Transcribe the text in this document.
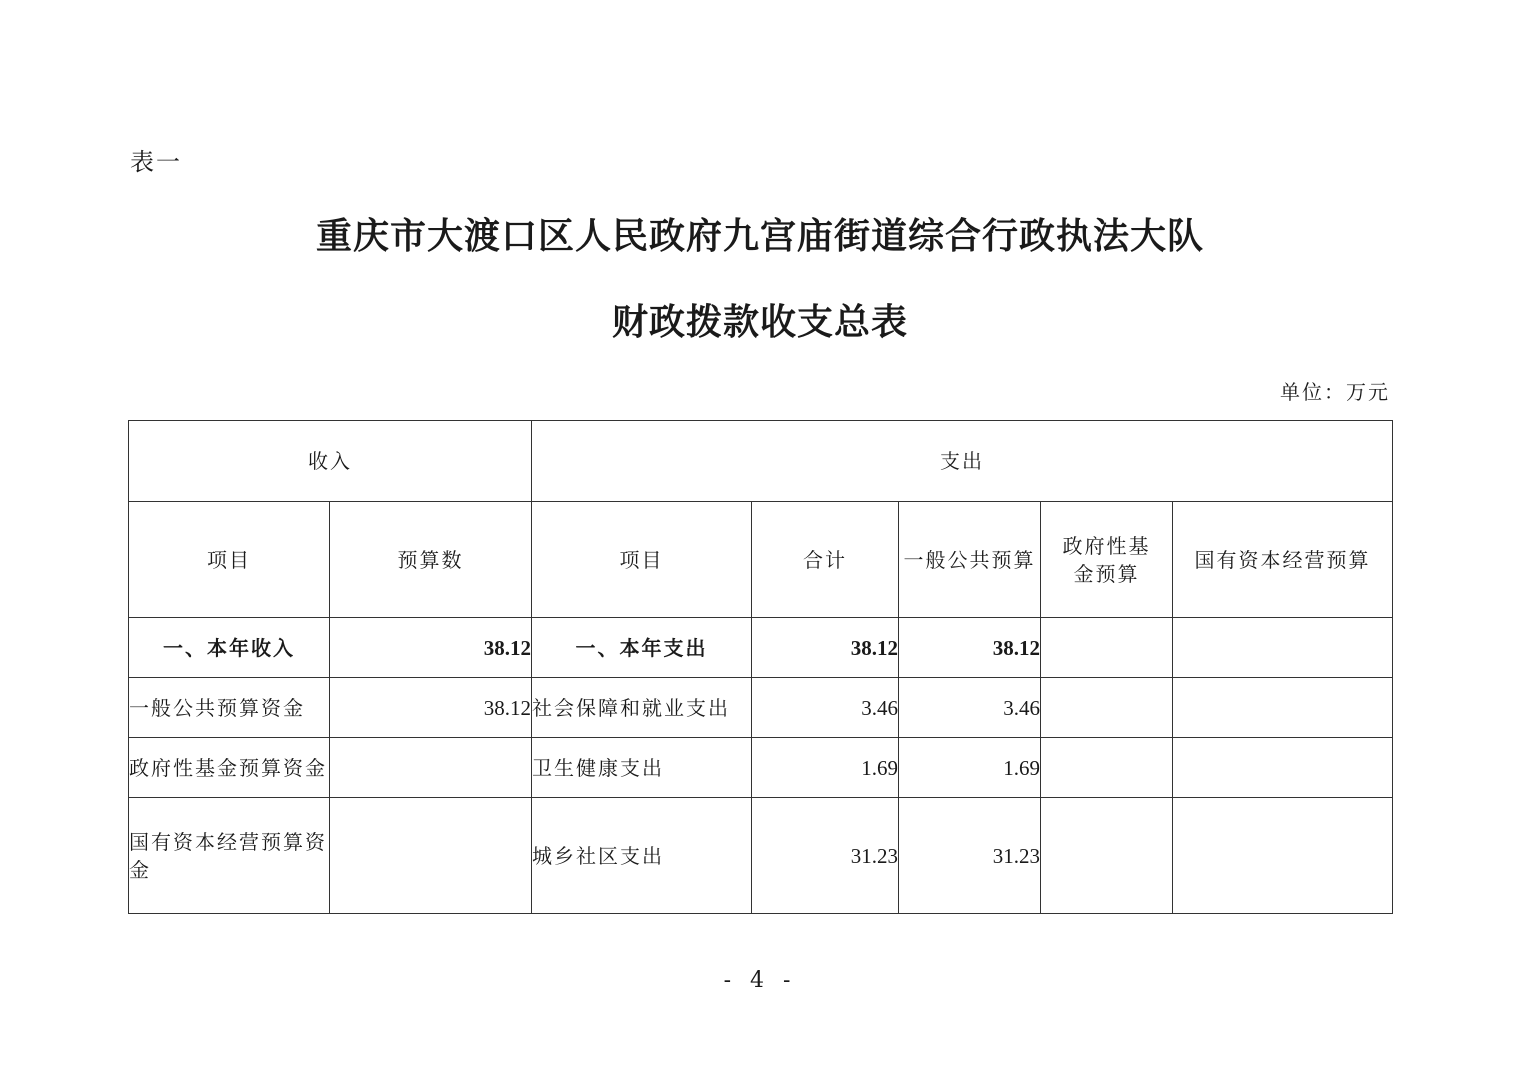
表一
重庆市大渡口区人民政府九宫庙街道综合行政执法大队
财政拨款收支总表
单位：万元
收入		支出				
项目	预算数	项目	合计	一般公共预算	政府性基金预算	国有资本经营预算
一、本年收入	38.12	一、本年支出	38.12	38.12		
一般公共预算资金	38.12	社会保障和就业支出	3.46	3.46		
政府性基金预算资金		卫生健康支出	1.69	1.69		
国有资本经营预算资金		城乡社区支出	31.23	31.23		
- 4 -
